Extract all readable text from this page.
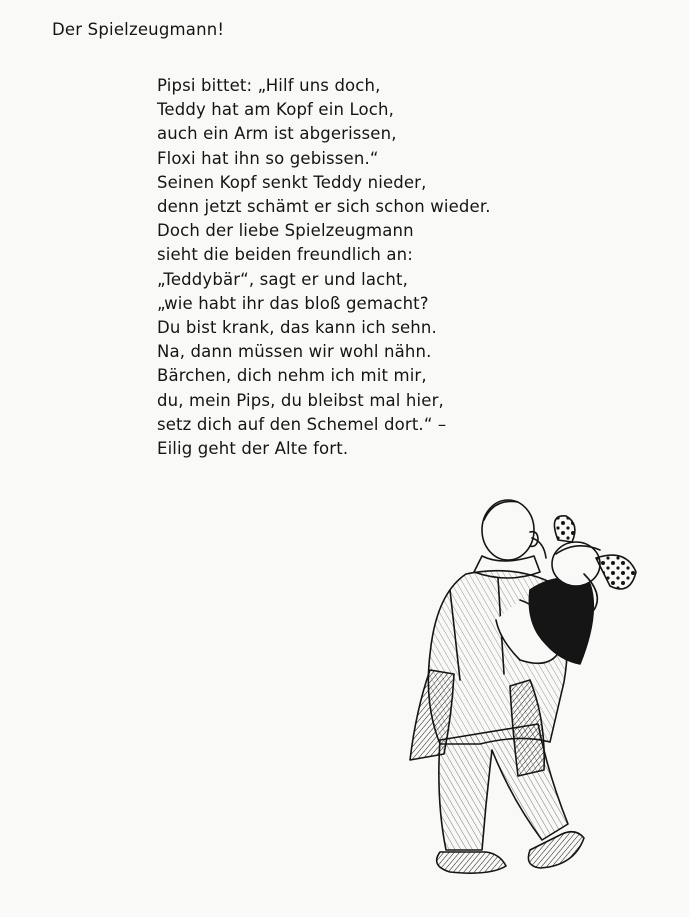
Der Spielzeugmann!
Pipsi bittet: „Hilf uns doch,
Teddy hat am Kopf ein Loch,
auch ein Arm ist abgerissen,
Floxi hat ihn so gebissen.“
Seinen Kopf senkt Teddy nieder,
denn jetzt schämt er sich schon wieder.
Doch der liebe Spielzeugmann
sieht die beiden freundlich an:
„Teddybär“, sagt er und lacht,
„wie habt ihr das bloß gemacht?
Du bist krank, das kann ich sehn.
Na, dann müssen wir wohl nähn.
Bärchen, dich nehm ich mit mir,
du, mein Pips, du bleibst mal hier,
setz dich auf den Schemel dort.“ –
Eilig geht der Alte fort.
